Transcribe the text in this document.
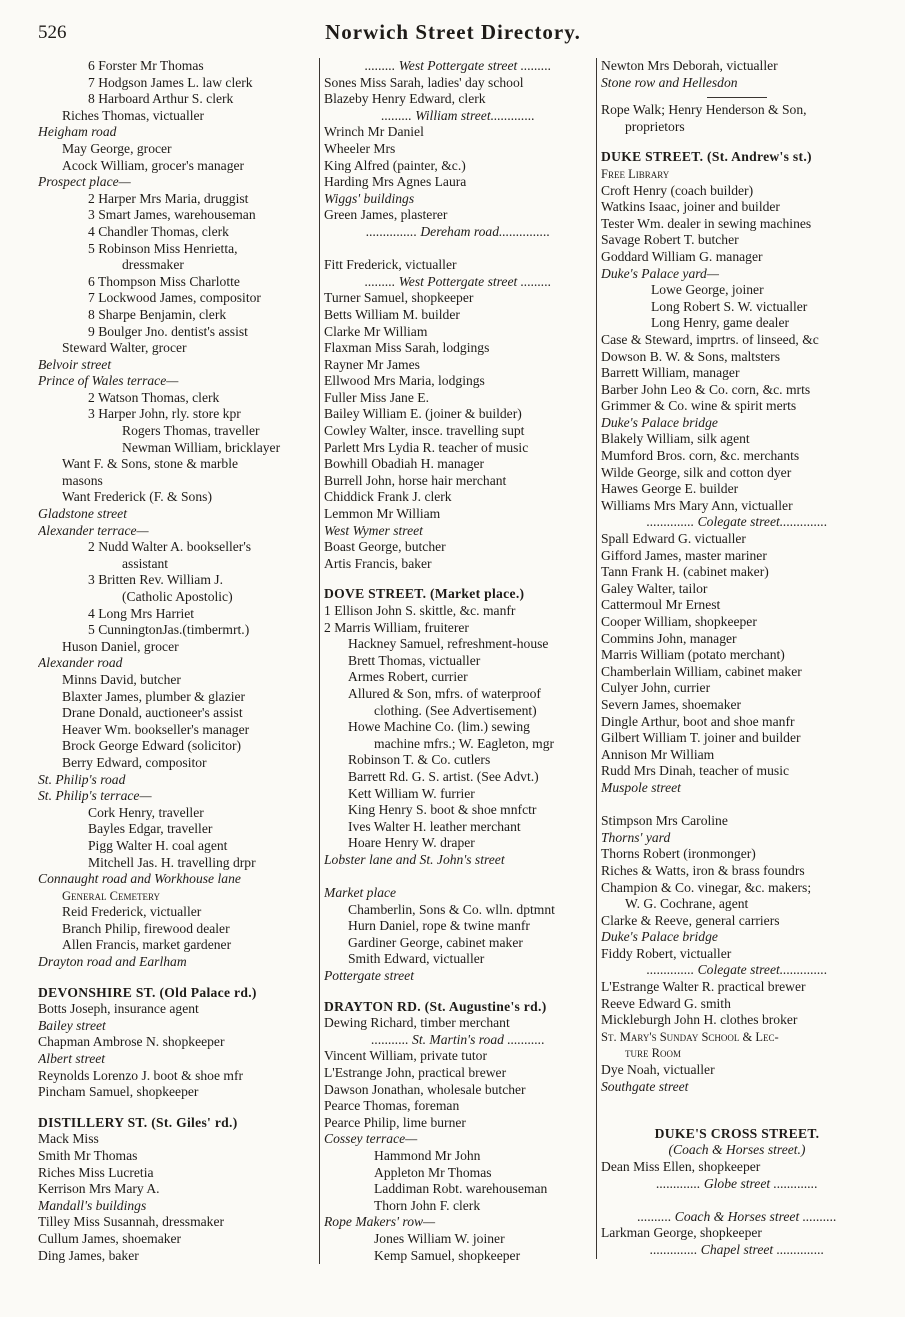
526	Norwich Street Directory.
6 Forster Mr Thomas
7 Hodgson James L. law clerk
8 Harboard Arthur S. clerk
Riches Thomas, victualler
Heigham road
May George, grocer
Acock William, grocer's manager
Prospect place—
2 Harper Mrs Maria, druggist
3 Smart James, warehouseman
4 Chandler Thomas, clerk
5 Robinson Miss Henrietta,
dressmaker
6 Thompson Miss Charlotte
7 Lockwood James, compositor
8 Sharpe Benjamin, clerk
9 Boulger Jno. dentist's assist
Steward Walter, grocer
Belvoir street
Prince of Wales terrace—
2 Watson Thomas, clerk
3 Harper John, rly. store kpr
Rogers Thomas, traveller
Newman William, bricklayer
Want F. & Sons, stone & marble
masons
Want Frederick (F. & Sons)
Gladstone street
Alexander terrace—
2 Nudd Walter A. bookseller's
assistant
3 Britten Rev. William J.
(Catholic Apostolic)
4 Long Mrs Harriet
5 CunningtonJas.(timbermrt.)
Huson Daniel, grocer
Alexander road
Minns David, butcher
Blaxter James, plumber & glazier
Drane Donald, auctioneer's assist
Heaver Wm. bookseller's manager
Brock George Edward (solicitor)
Berry Edward, compositor
St. Philip's road
St. Philip's terrace—
Cork Henry, traveller
Bayles Edgar, traveller
Pigg Walter H. coal agent
Mitchell Jas. H. travelling drpr
Connaught road and Workhouse lane
General Cemetery
Reid Frederick, victualler
Branch Philip, firewood dealer
Allen Francis, market gardener
Drayton road and Earlham
DEVONSHIRE ST. (Old Palace rd.)
Botts Joseph, insurance agent
Bailey street
Chapman Ambrose N. shopkeeper
Albert street
Reynolds Lorenzo J. boot & shoe mfr
Pincham Samuel, shopkeeper
DISTILLERY ST. (St. Giles' rd.)
Mack Miss
Smith Mr Thomas
Riches Miss Lucretia
Kerrison Mrs Mary A.
Mandall's buildings
Tilley Miss Susannah, dressmaker
Cullum James, shoemaker
Ding James, baker
......... West Pottergate street .........
Sones Miss Sarah, ladies' day school
Blazeby Henry Edward, clerk
......... William street.............
Wrinch Mr Daniel
Wheeler Mrs
King Alfred (painter, &c.)
Harding Mrs Agnes Laura
Wiggs' buildings
Green James, plasterer
............... Dereham road...............
Fitt Frederick, victualler
......... West Pottergate street .........
Turner Samuel, shopkeeper
Betts William M. builder
Clarke Mr William
Flaxman Miss Sarah, lodgings
Rayner Mr James
Ellwood Mrs Maria, lodgings
Fuller Miss Jane E.
Bailey William E. (joiner & builder)
Cowley Walter, insce. travelling supt
Parlett Mrs Lydia R. teacher of music
Bowhill Obadiah H. manager
Burrell John, horse hair merchant
Chiddick Frank J. clerk
Lemmon Mr William
West Wymer street
Boast George, butcher
Artis Francis, baker
DOVE STREET. (Market place.)
1 Ellison John S. skittle, &c. manfr
2 Marris William, fruiterer
Hackney Samuel, refreshment-house
Brett Thomas, victualler
Armes Robert, currier
Allured & Son, mfrs. of waterproof
clothing. (See Advertisement)
Howe Machine Co. (lim.) sewing
machine mfrs.; W. Eagleton, mgr
Robinson T. & Co. cutlers
Barrett Rd. G. S. artist. (See Advt.)
Kett William W. furrier
King Henry S. boot & shoe mnfctr
Ives Walter H. leather merchant
Hoare Henry W. draper
Lobster lane and St. John's street
Market place
Chamberlin, Sons & Co. wlln. dptmnt
Hurn Daniel, rope & twine manfr
Gardiner George, cabinet maker
Smith Edward, victualler
Pottergate street
DRAYTON RD. (St. Augustine's rd.)
Dewing Richard, timber merchant
........... St. Martin's road ...........
Vincent William, private tutor
L'Estrange John, practical brewer
Dawson Jonathan, wholesale butcher
Pearce Thomas, foreman
Pearce Philip, lime burner
Cossey terrace—
Hammond Mr John
Appleton Mr Thomas
Laddiman Robt. warehouseman
Thorn John F. clerk
Rope Makers' row—
Jones William W. joiner
Kemp Samuel, shopkeeper
Newton Mrs Deborah, victualler
Stone row and Hellesdon
Rope Walk; Henry Henderson & Son,
proprietors
DUKE STREET. (St. Andrew's st.)
Free Library
Croft Henry (coach builder)
Watkins Isaac, joiner and builder
Tester Wm. dealer in sewing machines
Savage Robert T. butcher
Goddard William G. manager
Duke's Palace yard—
Lowe George, joiner
Long Robert S. W. victualler
Long Henry, game dealer
Case & Steward, imprtrs. of linseed, &c
Dowson B. W. & Sons, maltsters
Barrett William, manager
Barber John Leo & Co. corn, &c. mrts
Grimmer & Co. wine & spirit merts
Duke's Palace bridge
Blakely William, silk agent
Mumford Bros. corn, &c. merchants
Wilde George, silk and cotton dyer
Hawes George E. builder
Williams Mrs Mary Ann, victualler
.............. Colegate street..............
Spall Edward G. victualler
Gifford James, master mariner
Tann Frank H. (cabinet maker)
Galey Walter, tailor
Cattermoul Mr Ernest
Cooper William, shopkeeper
Commins John, manager
Marris William (potato merchant)
Chamberlain William, cabinet maker
Culyer John, currier
Severn James, shoemaker
Dingle Arthur, boot and shoe manfr
Gilbert William T. joiner and builder
Annison Mr William
Rudd Mrs Dinah, teacher of music
Muspole street
Stimpson Mrs Caroline
Thorns' yard
Thorns Robert (ironmonger)
Riches & Watts, iron & brass foundrs
Champion & Co. vinegar, &c. makers;
W. G. Cochrane, agent
Clarke & Reeve, general carriers
Duke's Palace bridge
Fiddy Robert, victualler
.............. Colegate street..............
L'Estrange Walter R. practical brewer
Reeve Edward G. smith
Mickleburgh John H. clothes broker
St. Mary's Sunday School & Lec-
ture Room
Dye Noah, victualler
Southgate street
DUKE'S CROSS STREET.
(Coach & Horses street.)
Dean Miss Ellen, shopkeeper
............. Globe street .............
.......... Coach & Horses street ..........
Larkman George, shopkeeper
.............. Chapel street ..............
